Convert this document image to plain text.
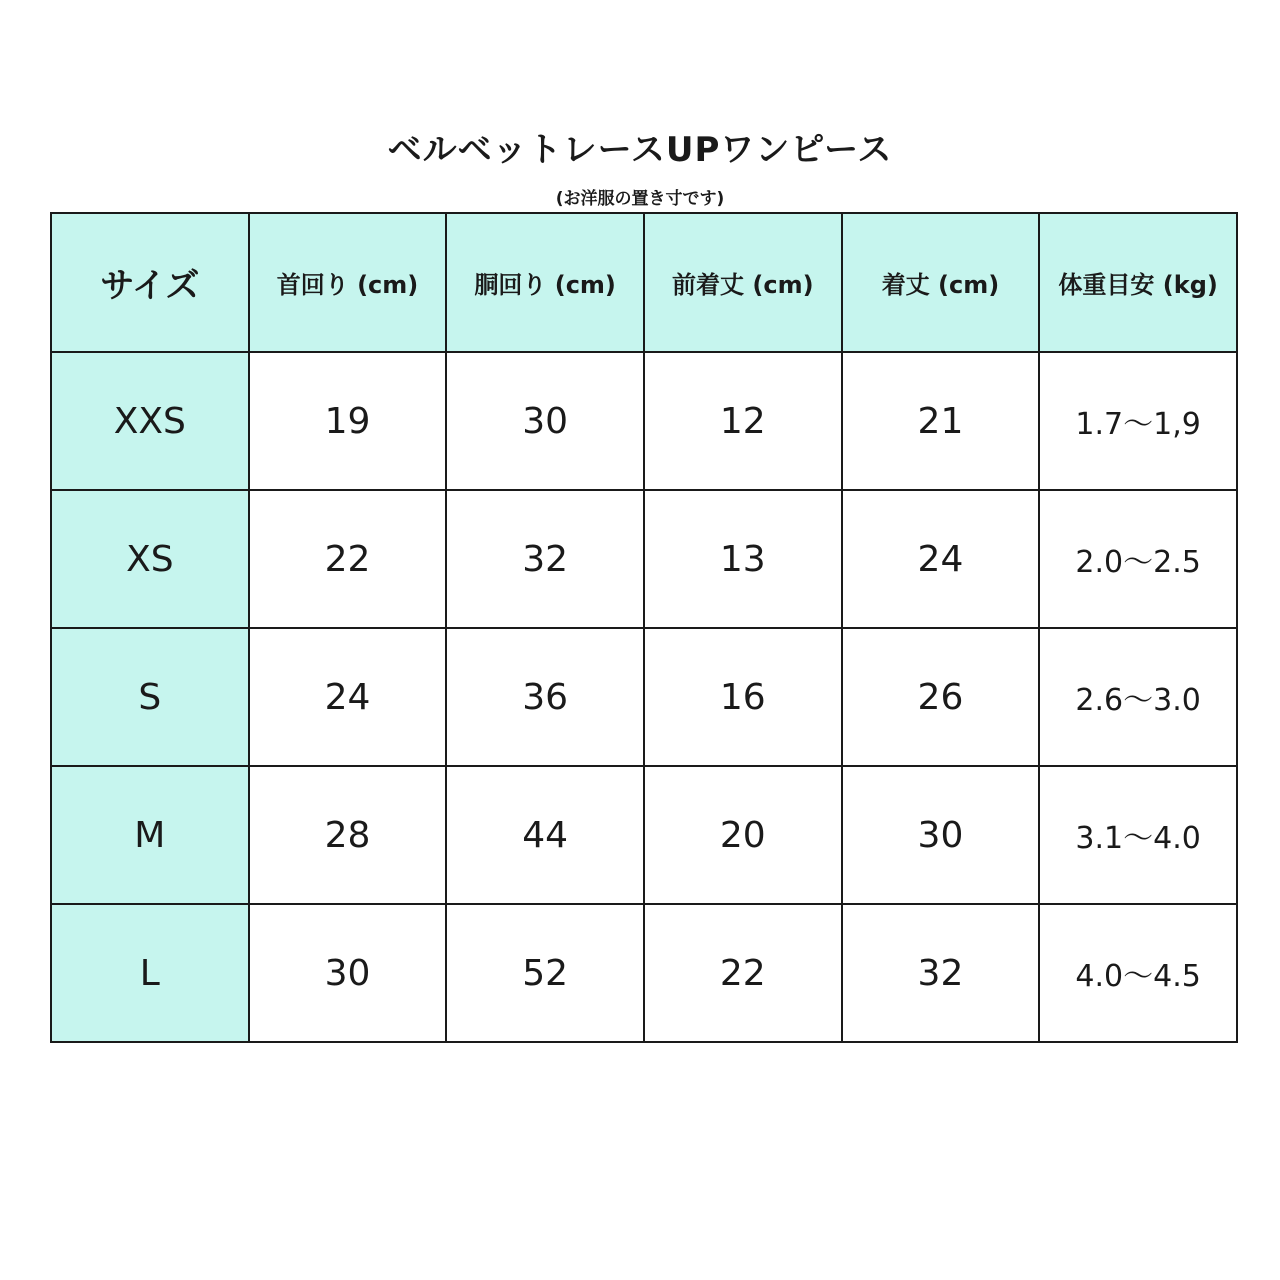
ベルベットレースUPワンピース
(お洋服の置き寸です)
サイズ	首回り (cm)	胴回り (cm)	前着丈 (cm)	着丈 (cm)	体重目安 (kg)
XXS	19	30	12	21	1.7〜1,9
XS	22	32	13	24	2.0〜2.5
S	24	36	16	26	2.6〜3.0
M	28	44	20	30	3.1〜4.0
L	30	52	22	32	4.0〜4.5
